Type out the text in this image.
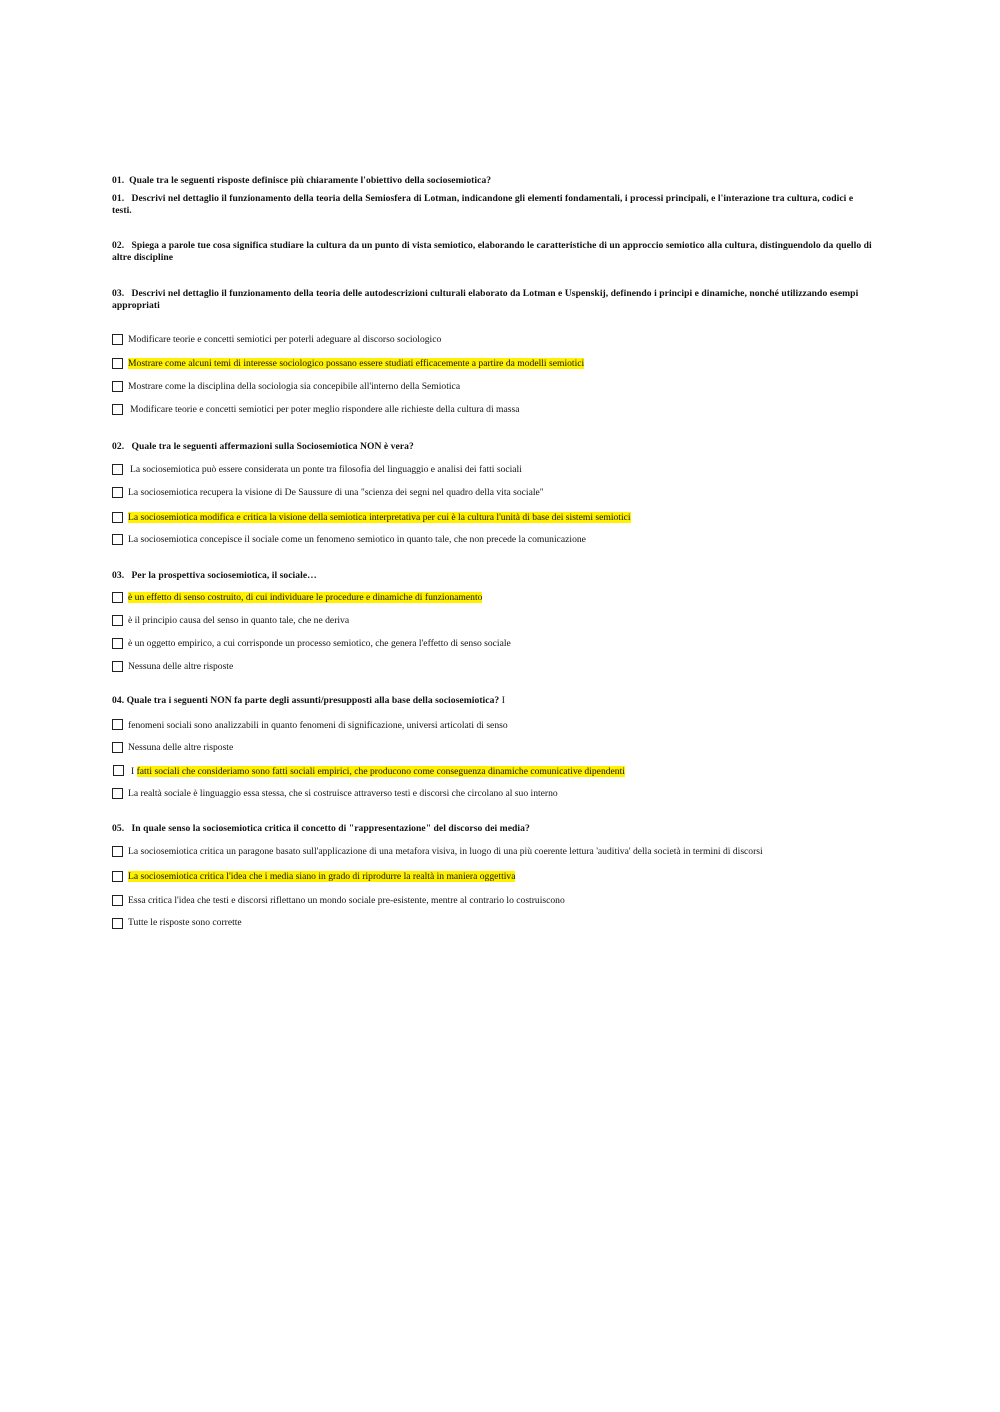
01. Quale tra le seguenti risposte definisce più chiaramente l'obiettivo della sociosemiotica?
01. Descrivi nel dettaglio il funzionamento della teoria della Semiosfera di Lotman, indicandone gli elementi fondamentali, i processi principali, e l'interazione tra cultura, codici e testi.
02. Spiega a parole tue cosa significa studiare la cultura da un punto di vista semiotico, elaborando le caratteristiche di un approccio semiotico alla cultura, distinguendolo da quello di altre discipline
03. Descrivi nel dettaglio il funzionamento della teoria delle autodescrizioni culturali elaborato da Lotman e Uspenskij, definendo i principi e dinamiche, nonché utilizzando esempi appropriati
Modificare teorie e concetti semiotici per poterli adeguare al discorso sociologico
Mostrare come alcuni temi di interesse sociologico possano essere studiati efficacemente a partire da modelli semiotici
Mostrare come la disciplina della sociologia sia concepibile all'interno della Semiotica
Modificare teorie e concetti semiotici per poter meglio rispondere alle richieste della cultura di massa
02. Quale tra le seguenti affermazioni sulla Sociosemiotica NON è vera?
La sociosemiotica può essere considerata un ponte tra filosofia del linguaggio e analisi dei fatti sociali
La sociosemiotica recupera la visione di De Saussure di una "scienza dei segni nel quadro della vita sociale"
La sociosemiotica modifica e critica la visione della semiotica interpretativa per cui è la cultura l'unità di base dei sistemi semiotici
La sociosemiotica concepisce il sociale come un fenomeno semiotico in quanto tale, che non precede la comunicazione
03. Per la prospettiva sociosemiotica, il sociale…
è un effetto di senso costruito, di cui individuare le procedure e dinamiche di funzionamento
è il principio causa del senso in quanto tale, che ne deriva
è un oggetto empirico, a cui corrisponde un processo semiotico, che genera l'effetto di senso sociale
Nessuna delle altre risposte
04. Quale tra i seguenti NON fa parte degli assunti/presupposti alla base della sociosemiotica? I
fenomeni sociali sono analizzabili in quanto fenomeni di significazione, universi articolati di senso
Nessuna delle altre risposte
I fatti sociali che consideriamo sono fatti sociali empirici, che producono come conseguenza dinamiche comunicative dipendenti
La realtà sociale è linguaggio essa stessa, che si costruisce attraverso testi e discorsi che circolano al suo interno
05. In quale senso la sociosemiotica critica il concetto di "rappresentazione" del discorso dei media?
La sociosemiotica critica un paragone basato sull'applicazione di una metafora visiva, in luogo di una più coerente lettura 'auditiva' della società in termini di discorsi
La sociosemiotica critica l'idea che i media siano in grado di riprodurre la realtà in maniera oggettiva
Essa critica l'idea che testi e discorsi riflettano un mondo sociale pre-esistente, mentre al contrario lo costruiscono
Tutte le risposte sono corrette
